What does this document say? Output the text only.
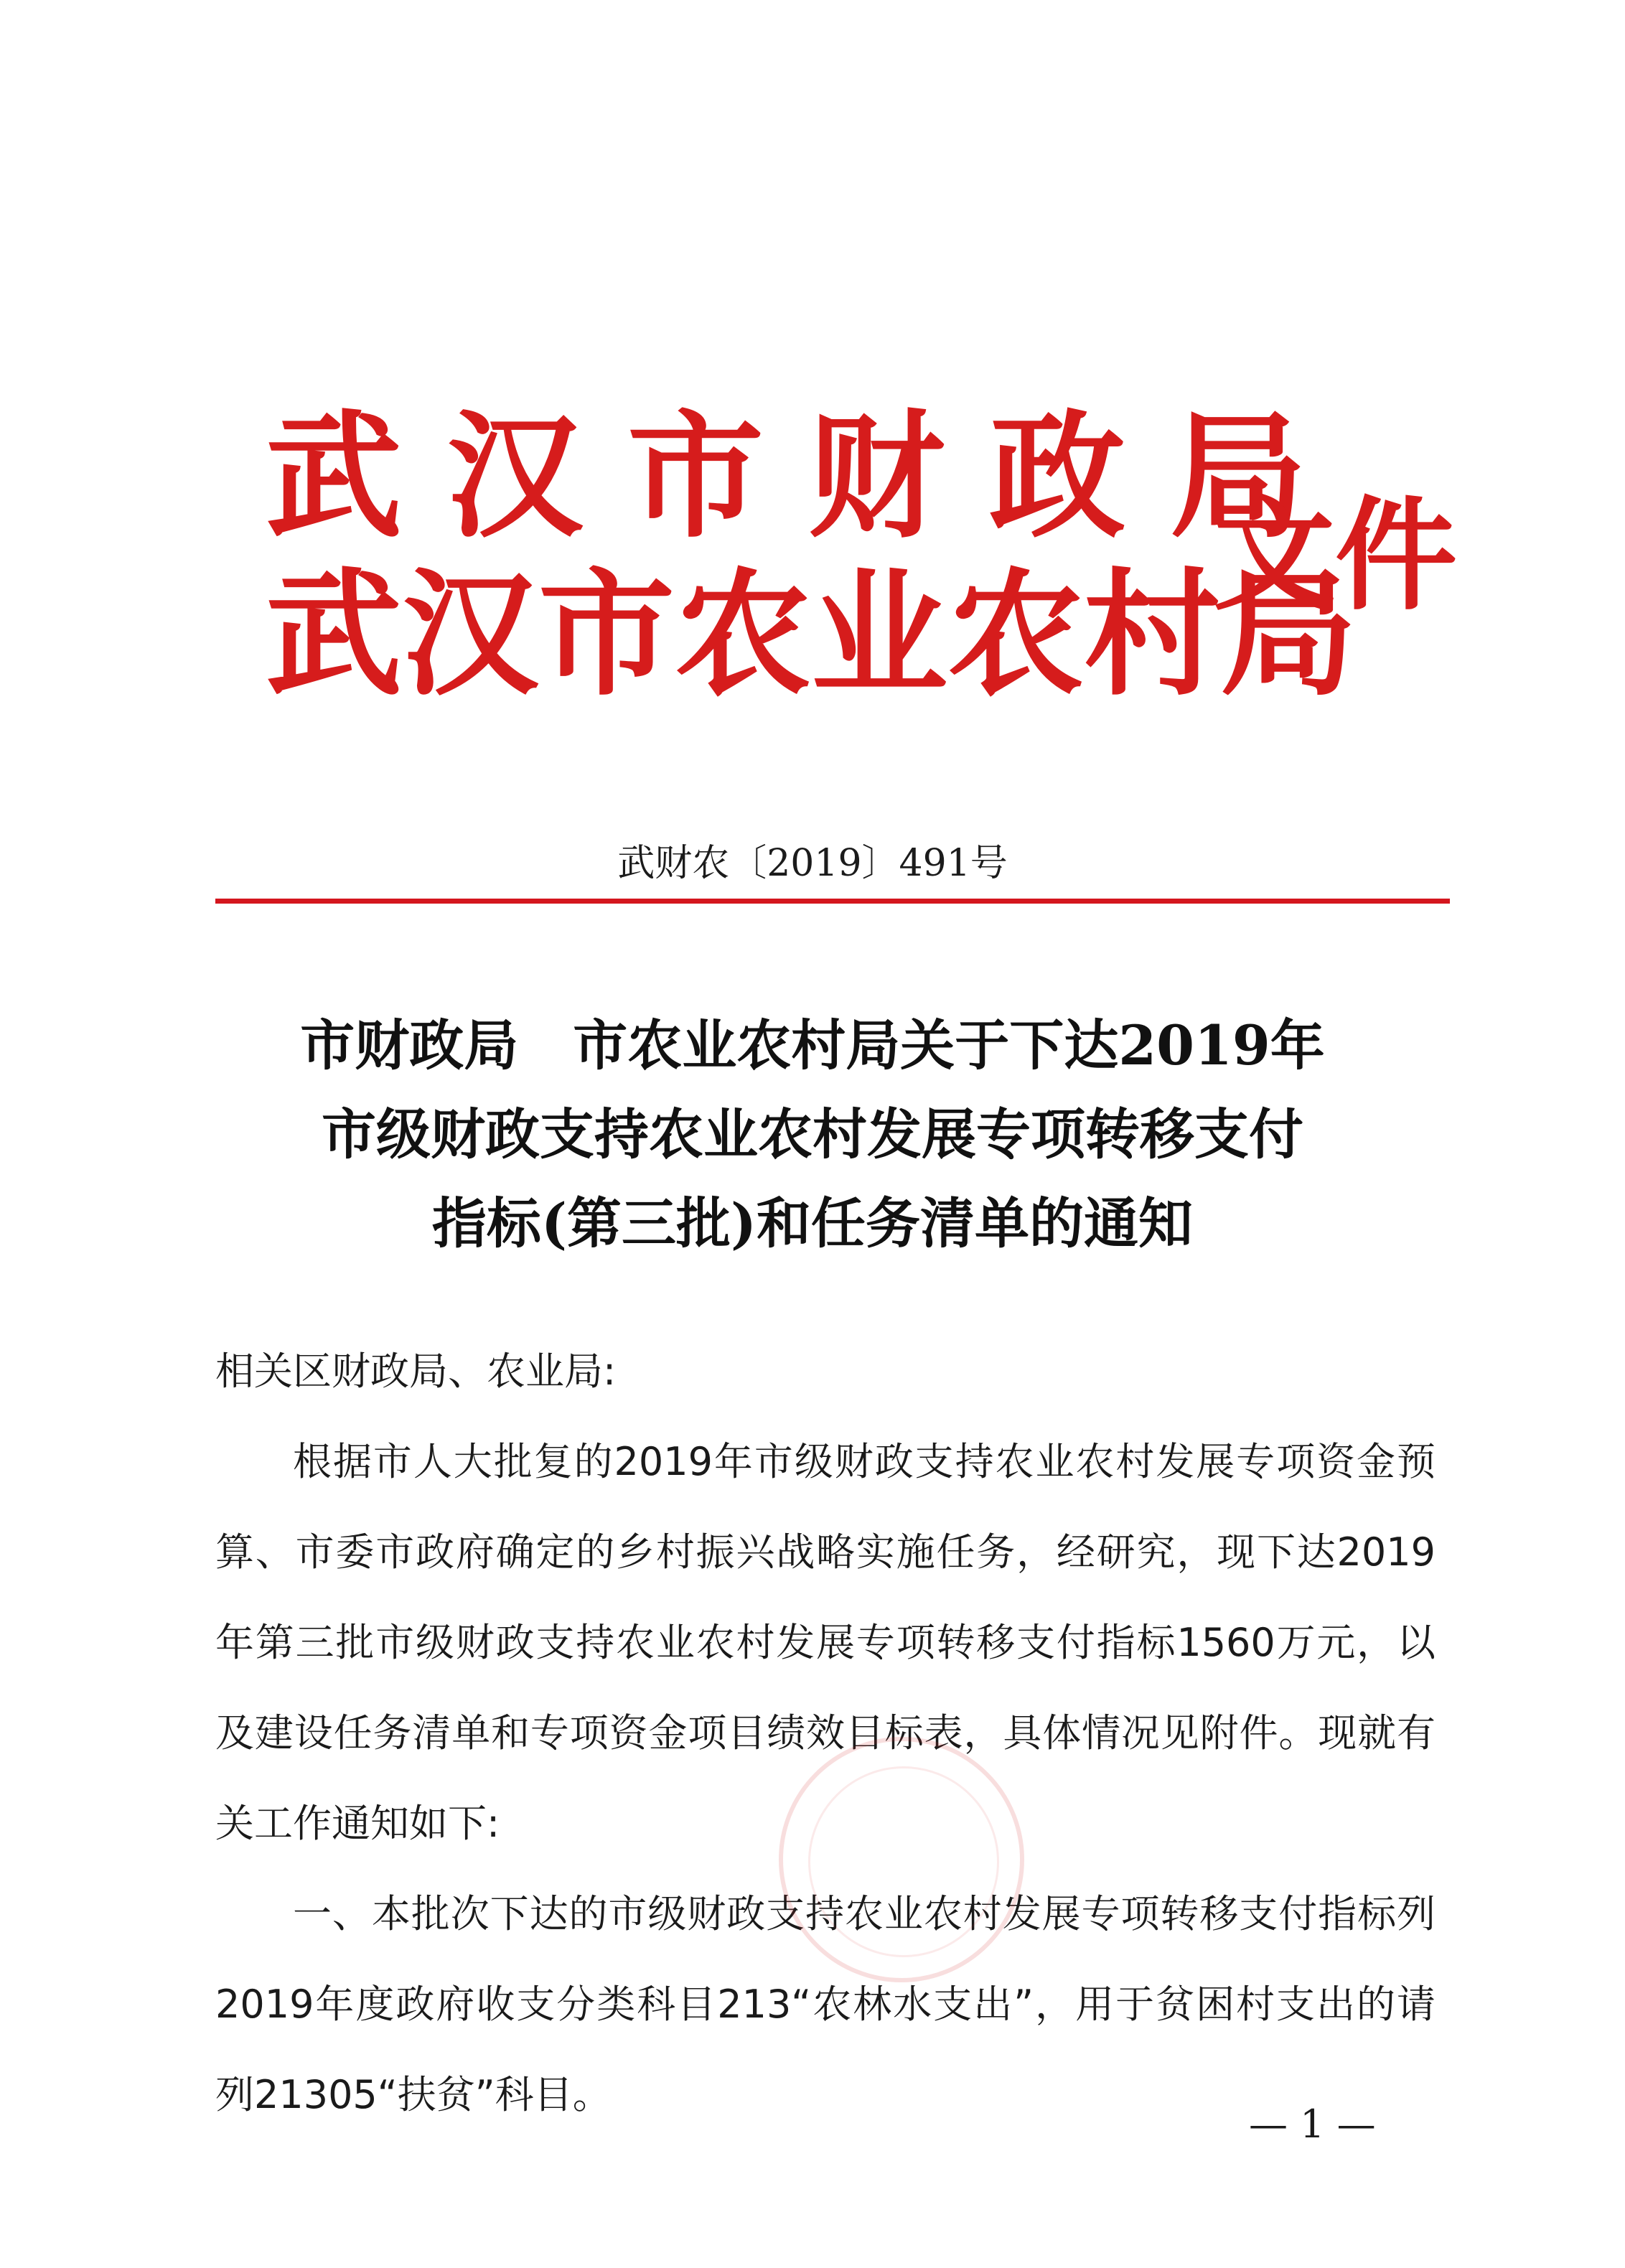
武汉市财政局
武汉市农业农村局
文件
武财农〔2019〕491号
市财政局　市农业农村局关于下达2019年
市级财政支持农业农村发展专项转移支付
指标(第三批)和任务清单的通知

相关区财政局、农业局:

根据市人大批复的2019年市级财政支持农业农村发展专项资金预算、市委市政府确定的乡村振兴战略实施任务，经研究，现下达2019年第三批市级财政支持农业农村发展专项转移支付指标1560万元，以及建设任务清单和专项资金项目绩效目标表，具体情况见附件。现就有关工作通知如下:

一、本批次下达的市级财政支持农业农村发展专项转移支付指标列2019年度政府收支分类科目213“农林水支出”，用于贫困村支出的请列21305“扶贫”科目。

— 1 —
